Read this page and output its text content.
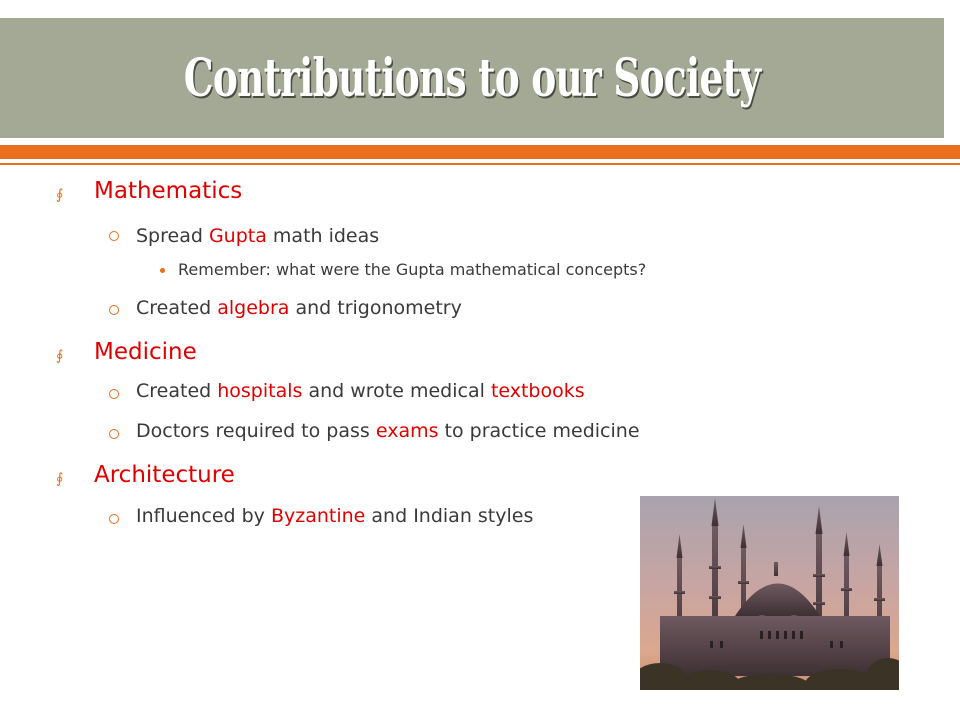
Contributions to our Society
∮ Mathematics
Spread Gupta math ideas
Remember: what were the Gupta mathematical concepts?
Created algebra and trigonometry
∮ Medicine
Created hospitals and wrote medical textbooks
Doctors required to pass exams to practice medicine
∮ Architecture
Influenced by Byzantine and Indian styles
